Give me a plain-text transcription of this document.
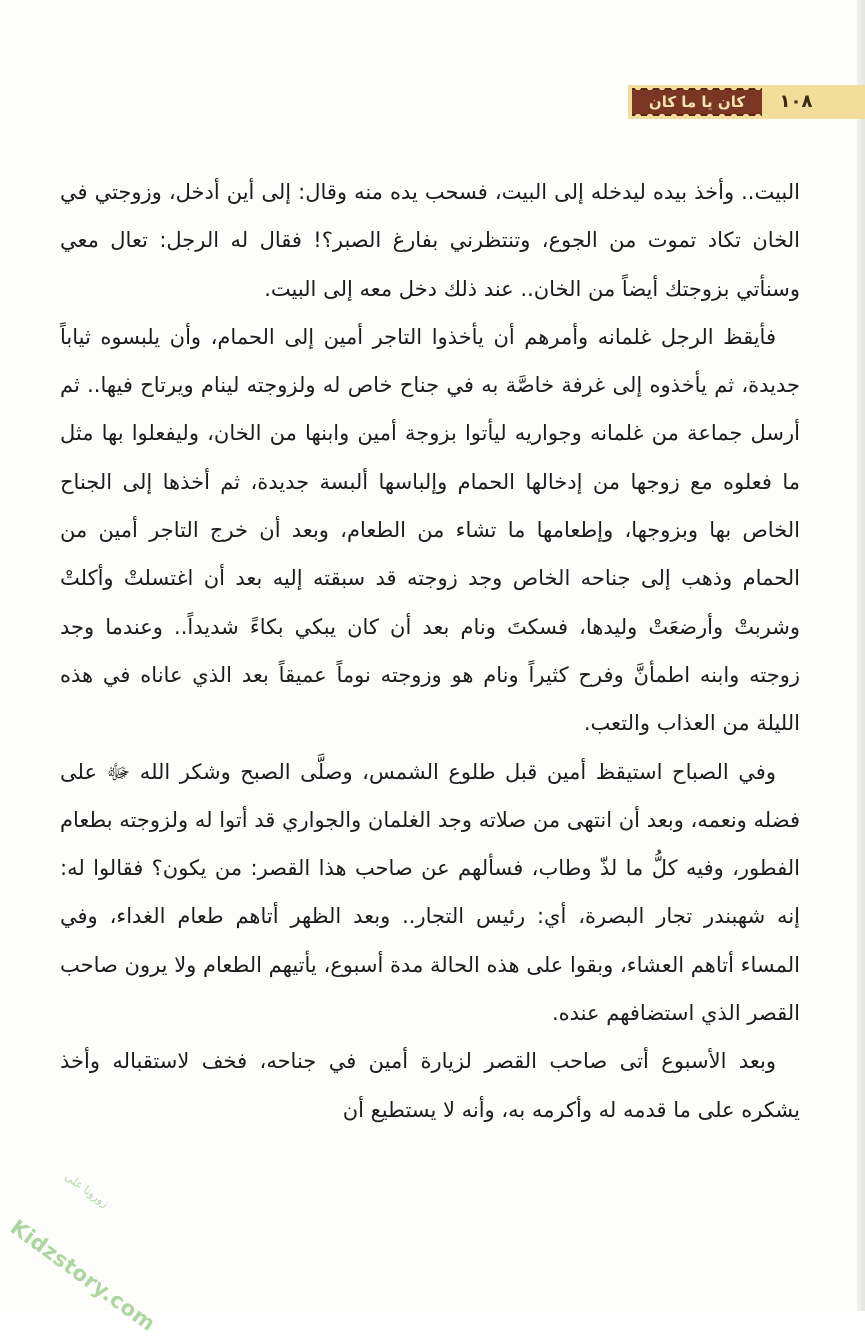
كان يا ما كان	١٠٨

البيت.. وأخذ بيده ليدخله إلى البيت، فسحب يده منه وقال: إلى أين أدخل، وزوجتي في الخان تكاد تموت من الجوع، وتنتظرني بفارغ الصبر؟! فقال له الرجل: تعال معي وسنأتي بزوجتك أيضاً من الخان.. عند ذلك دخل معه إلى البيت.

فأيقظ الرجل غلمانه وأمرهم أن يأخذوا التاجر أمين إلى الحمام، وأن يلبسوه ثياباً جديدة، ثم يأخذوه إلى غرفة خاصَّة به في جناح خاص له ولزوجته لينام ويرتاح فيها.. ثم أرسل جماعة من غلمانه وجواريه ليأتوا بزوجة أمين وابنها من الخان، وليفعلوا بها مثل ما فعلوه مع زوجها من إدخالها الحمام وإلباسها ألبسة جديدة، ثم أخذها إلى الجناح الخاص بها وبزوجها، وإطعامها ما تشاء من الطعام، وبعد أن خرج التاجر أمين من الحمام وذهب إلى جناحه الخاص وجد زوجته قد سبقته إليه بعد أن اغتسلتْ وأكلتْ وشربتْ وأرضعَتْ وليدها، فسكتَ ونام بعد أن كان يبكي بكاءً شديداً.. وعندما وجد زوجته وابنه اطمأنَّ وفرح كثيراً ونام هو وزوجته نوماً عميقاً بعد الذي عاناه في هذه الليلة من العذاب والتعب.

وفي الصباح استيقظ أمين قبل طلوع الشمس، وصلَّى الصبح وشكر الله ﷻ على فضله ونعمه، وبعد أن انتهى من صلاته وجد الغلمان والجواري قد أتوا له ولزوجته بطعام الفطور، وفيه كلُّ ما لذّ وطاب، فسألهم عن صاحب هذا القصر: من يكون؟ فقالوا له: إنه شهبندر تجار البصرة، أي: رئيس التجار.. وبعد الظهر أتاهم طعام الغداء، وفي المساء أتاهم العشاء، وبقوا على هذه الحالة مدة أسبوع، يأتيهم الطعام ولا يرون صاحب القصر الذي استضافهم عنده.

وبعد الأسبوع أتى صاحب القصر لزيارة أمين في جناحه، فخف لاستقباله وأخذ يشكره على ما قدمه له وأكرمه به، وأنه لا يستطيع أن

زورونا على
Kidzstory.com
